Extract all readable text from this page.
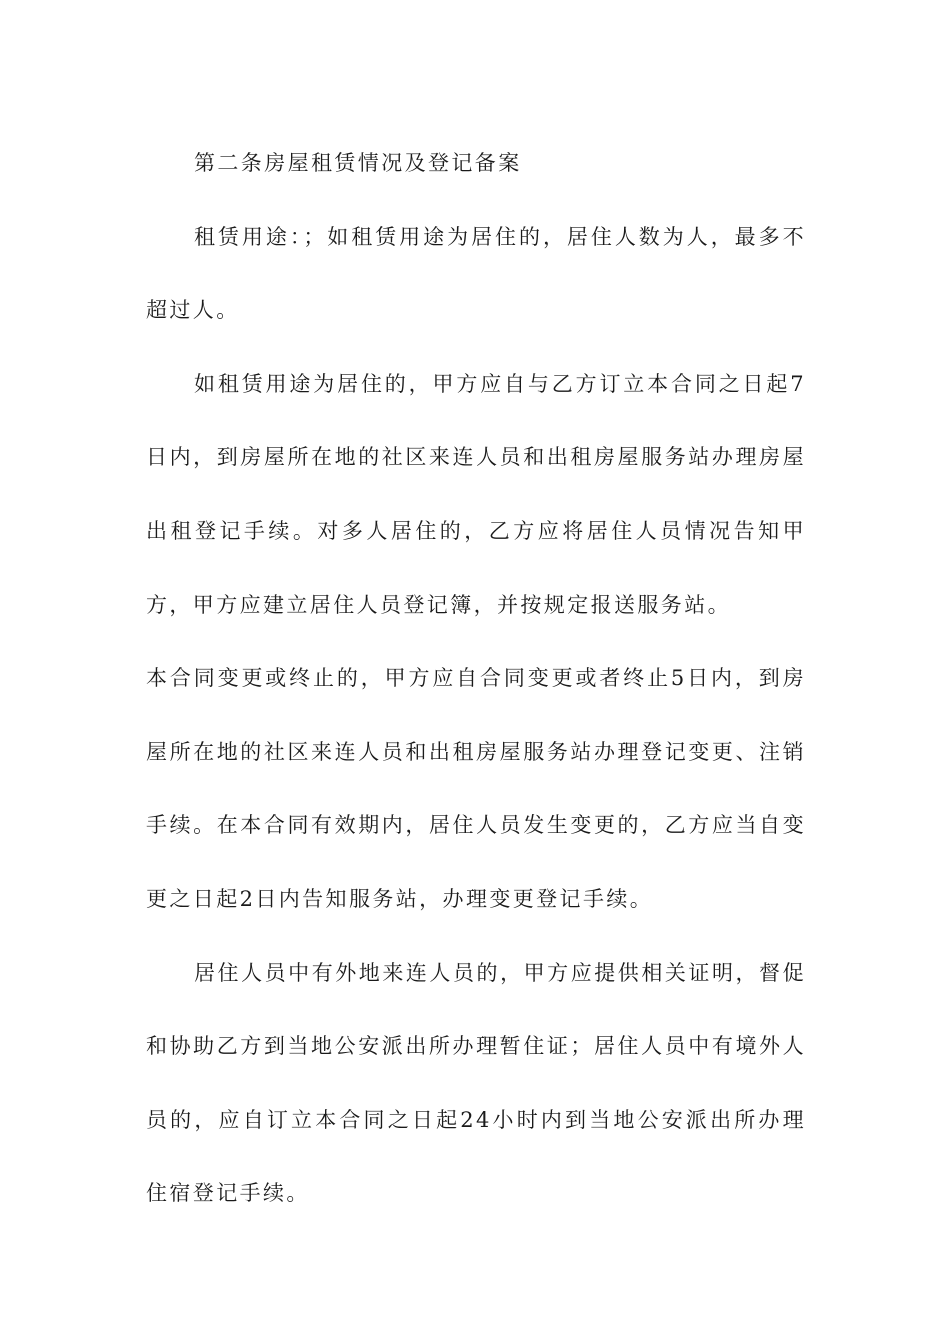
第二条房屋租赁情况及登记备案

租赁用途：；如租赁用途为居住的，居住人数为人，最多不超过人。

如租赁用途为居住的，甲方应自与乙方订立本合同之日起7日内，到房屋所在地的社区来连人员和出租房屋服务站办理房屋出租登记手续。对多人居住的，乙方应将居住人员情况告知甲方，甲方应建立居住人员登记簿，并按规定报送服务站。

本合同变更或终止的，甲方应自合同变更或者终止5日内，到房屋所在地的社区来连人员和出租房屋服务站办理登记变更、注销手续。在本合同有效期内，居住人员发生变更的，乙方应当自变更之日起2日内告知服务站，办理变更登记手续。

居住人员中有外地来连人员的，甲方应提供相关证明，督促和协助乙方到当地公安派出所办理暂住证；居住人员中有境外人员的，应自订立本合同之日起24小时内到当地公安派出所办理住宿登记手续。
